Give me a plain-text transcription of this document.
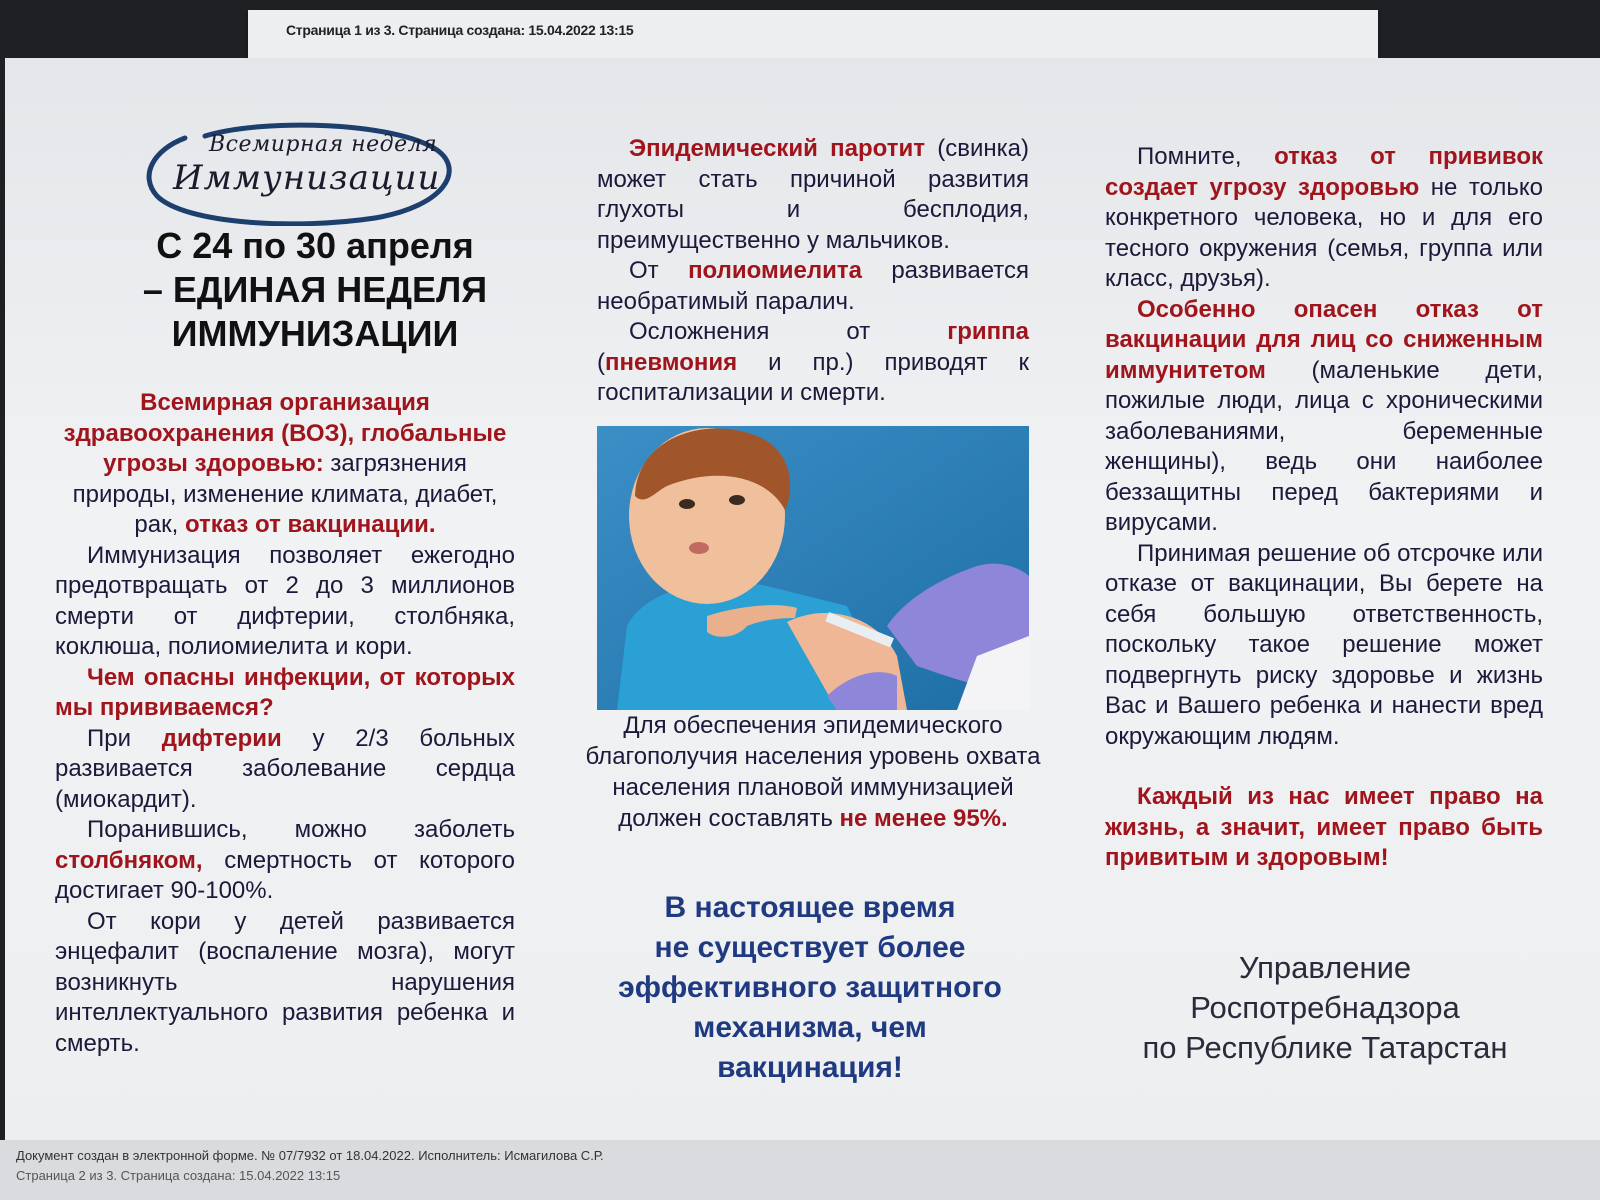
Страница 1 из 3. Страница создана: 15.04.2022 13:15
Всемирная неделя
Иммунизации
С 24 по 30 апреля
– ЕДИНАЯ НЕДЕЛЯ
ИММУНИЗАЦИИ

Всемирная организация здравоохранения (ВОЗ), глобальные угрозы здоровью: загрязнения природы, изменение климата, диабет, рак, отказ от вакцинации.

Иммунизация позволяет ежегодно предотвращать от 2 до 3 миллионов смерти от дифтерии, столбняка, коклюша, полиомиелита и кори.

Чем опасны инфекции, от которых мы прививаемся?

При дифтерии у 2/3 больных развивается заболевание сердца (миокардит).

Поранившись, можно заболеть столбняком, смертность от которого достигает 90-100%.

От кори у детей развивается энцефалит (воспаление мозга), могут возникнуть нарушения интеллектуального развития ребенка и смерть.

Эпидемический паротит (свинка) может стать причиной развития глухоты и бесплодия, преимущественно у мальчиков.

От полиомиелита развивается необратимый паралич.

Осложнения от	гриппа (пневмония и пр.) приводят к госпитализации и смерти.

Для обеспечения эпидемического благополучия населения уровень охвата населения плановой иммунизацией должен составлять не менее 95%.
В настоящее время
не существует более
эффективного защитного
механизма, чем
вакцинация!

Помните, отказ от прививок создает угрозу здоровью не только конкретного человека, но и для его тесного окружения (семья, группа или класс, друзья).

Особенно опасен отказ от вакцинации для лиц со сниженным иммунитетом (маленькие дети, пожилые люди, лица с хроническими заболеваниями, беременные женщины), ведь они наиболее беззащитны перед бактериями и вирусами.

Принимая решение об отсрочке или отказе от вакцинации, Вы берете на себя большую ответственность, поскольку такое решение может подвергнуть риску здоровье и жизнь Вас и Вашего ребенка и нанести вред окружающим людям.

Каждый из нас имеет право на жизнь, а значит, имеет право быть привитым и здоровым!

Управление
Роспотребнадзора
по Республике Татарстан
Документ создан в электронной форме. № 07/7932 от 18.04.2022. Исполнитель: Исмагилова С.Р.
Страница 2 из 3. Страница создана: 15.04.2022 13:15
